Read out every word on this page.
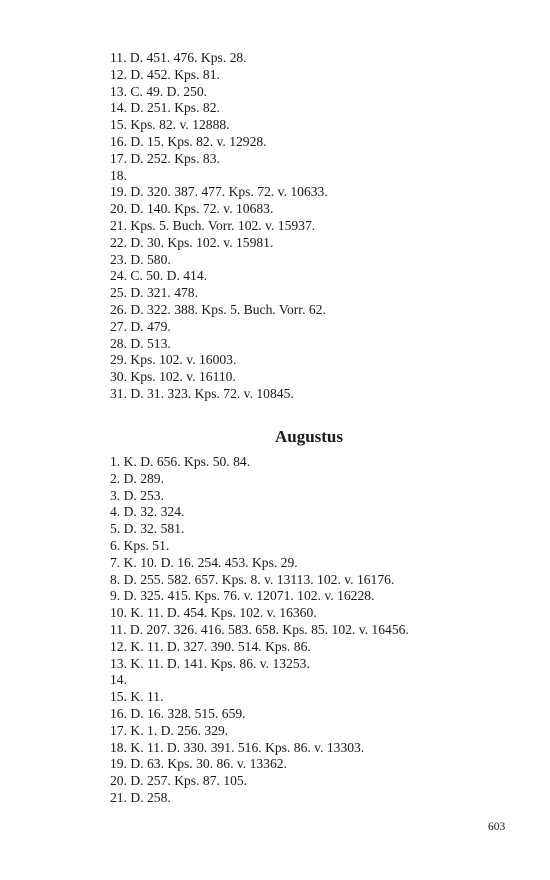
11. D. 451. 476. Kps. 28.
12. D. 452. Kps. 81.
13. C. 49. D. 250.
14. D. 251. Kps. 82.
15. Kps. 82. v. 12888.
16. D. 15. Kps. 82. v. 12928.
17. D. 252. Kps. 83.
18.
19. D. 320. 387. 477. Kps. 72. v. 10633.
20. D. 140. Kps. 72. v. 10683.
21. Kps. 5. Buch. Vorr. 102. v. 15937.
22. D. 30. Kps. 102. v. 15981.
23. D. 580.
24. C. 50. D. 414.
25. D. 321. 478.
26. D. 322. 388. Kps. 5. Buch. Vorr. 62.
27. D. 479.
28. D. 513.
29. Kps. 102. v. 16003.
30. Kps. 102. v. 16110.
31. D. 31. 323. Kps. 72. v. 10845.
Augustus
1. K. D. 656. Kps. 50. 84.
2. D. 289.
3. D. 253.
4. D. 32. 324.
5. D. 32. 581.
6. Kps. 51.
7. K. 10. D. 16. 254. 453. Kps. 29.
8. D. 255. 582. 657. Kps. 8. v. 13113. 102. v. 16176.
9. D. 325. 415. Kps. 76. v. 12071. 102. v. 16228.
10. K. 11. D. 454. Kps. 102. v. 16360.
11. D. 207. 326. 416. 583. 658. Kps. 85. 102. v. 16456.
12. K. 11. D. 327. 390. 514. Kps. 86.
13. K. 11. D. 141. Kps. 86. v. 13253.
14.
15. K. 11.
16. D. 16. 328. 515. 659.
17. K. 1. D. 256. 329.
18. K. 11. D. 330. 391. 516. Kps. 86. v. 13303.
19. D. 63. Kps. 30. 86. v. 13362.
20. D. 257. Kps. 87. 105.
21. D. 258.
603
